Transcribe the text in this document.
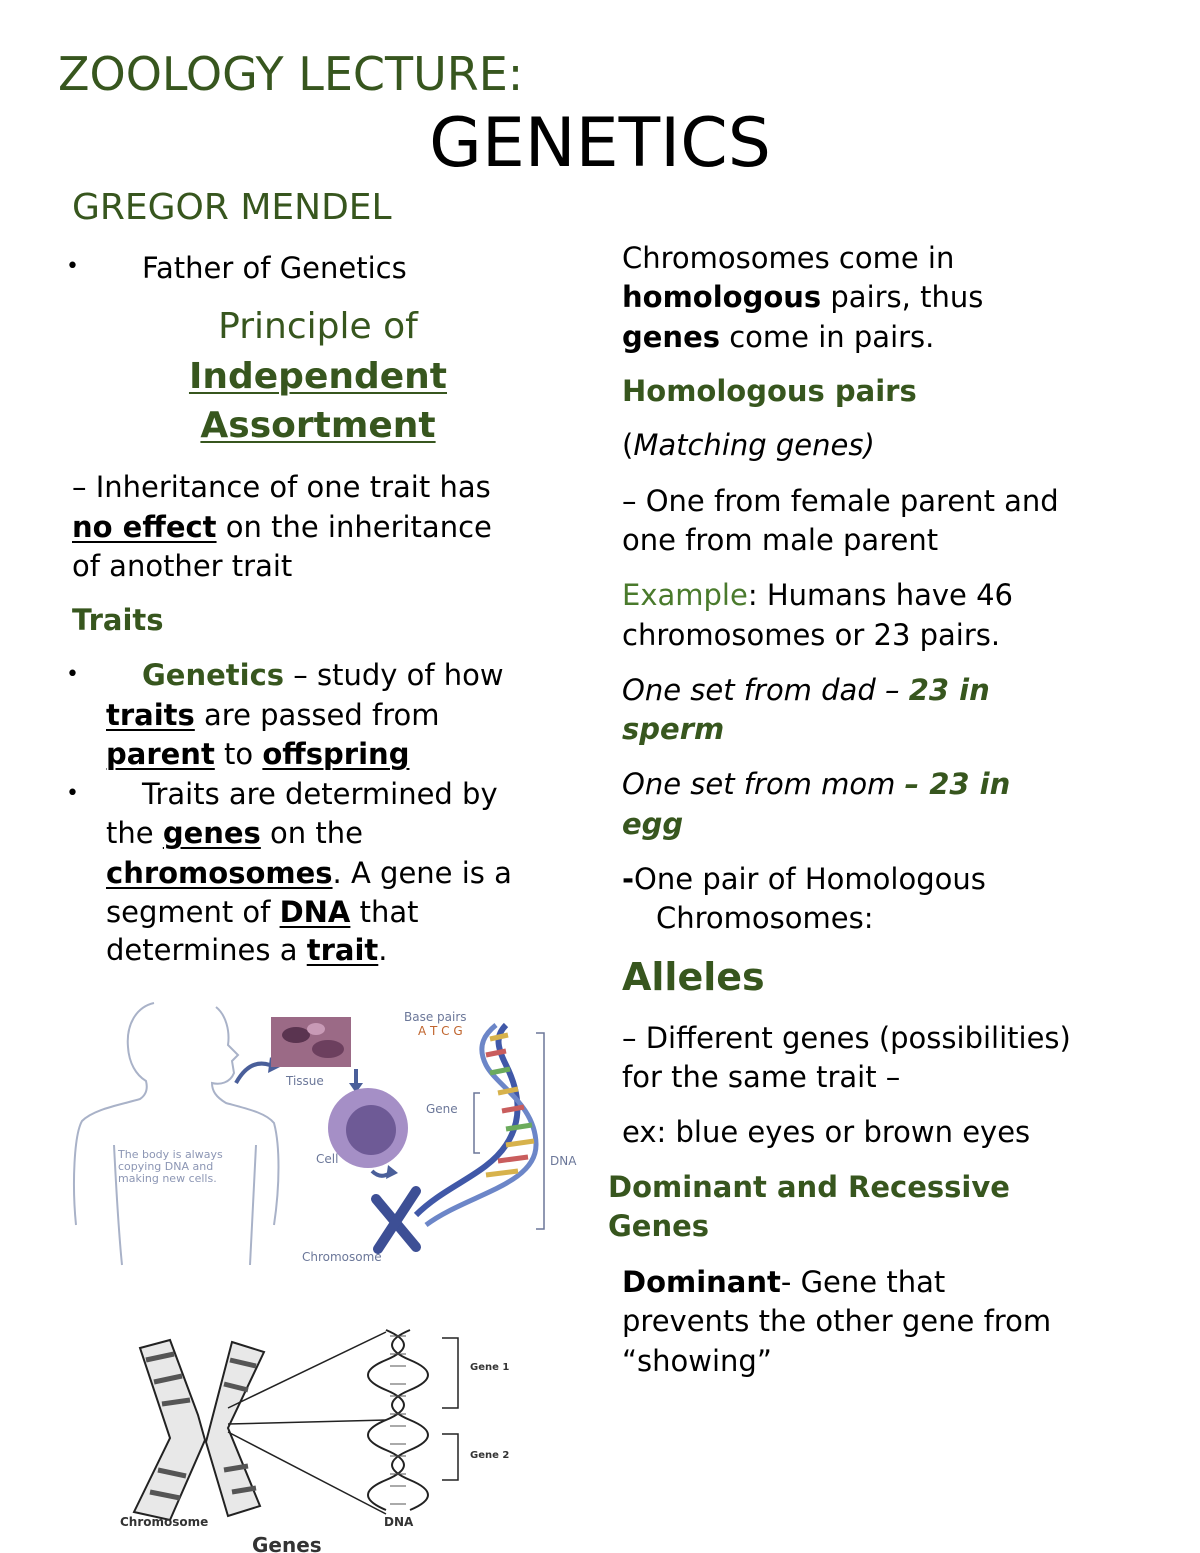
ZOOLOGY LECTURE:
GENETICS
GREGOR MENDEL
• Father of Genetics
Principle of
Independent
Assortment
– Inheritance of one trait has
no effect on the inheritance
of another trait
Traits
• Genetics – study of how
traits are passed from
parent to offspring
• Traits are determined by
the genes on the
chromosomes. A gene is a
segment of DNA that
determines a trait.
The body is always
copying DNA and
making new cells.
Tissue
Cell
Chromosome
Base pairs
A T C G
Gene
DNA
Gene 1
Gene 2
Chromosome	DNA
Genes
Chromosomes come in
homologous pairs, thus
genes come in pairs.
Homologous pairs
(Matching genes)
– One from female parent and
one from male parent
Example: Humans have 46
chromosomes or 23 pairs.
One set from dad – 23 in
sperm
One set from mom – 23 in
egg
-One pair of Homologous
Chromosomes:
Alleles
– Different genes (possibilities)
for the same trait –
ex: blue eyes or brown eyes
Dominant and Recessive
Genes
Dominant- Gene that
prevents the other gene from
“showing”
